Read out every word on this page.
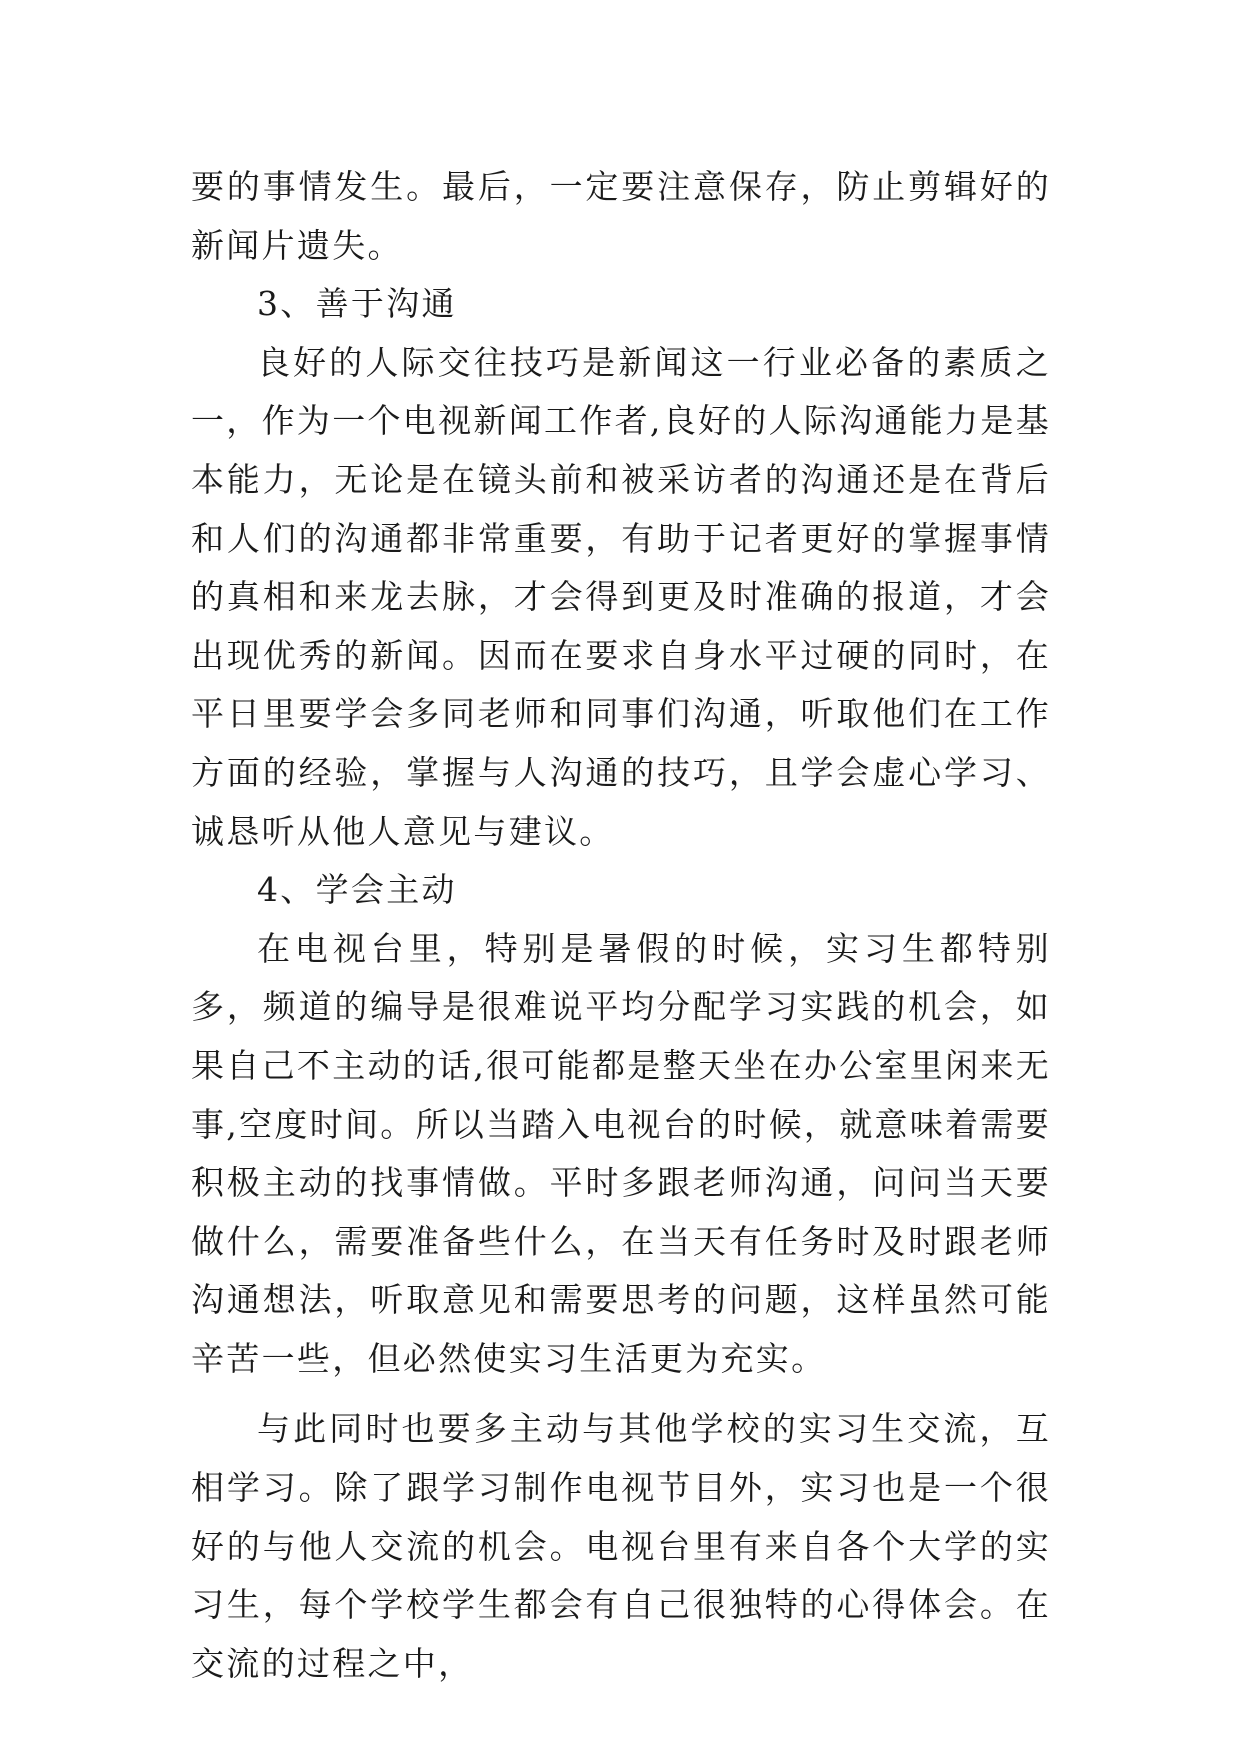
要的事情发生。最后，一定要注意保存，防止剪辑好的新闻片遗失。

3、善于沟通

良好的人际交往技巧是新闻这一行业必备的素质之一，作为一个电视新闻工作者,良好的人际沟通能力是基本能力，无论是在镜头前和被采访者的沟通还是在背后和人们的沟通都非常重要，有助于记者更好的掌握事情的真相和来龙去脉，才会得到更及时准确的报道，才会出现优秀的新闻。因而在要求自身水平过硬的同时，在平日里要学会多同老师和同事们沟通，听取他们在工作方面的经验，掌握与人沟通的技巧，且学会虚心学习、诚恳听从他人意见与建议。

4、学会主动

在电视台里，特别是暑假的时候，实习生都特别多，频道的编导是很难说平均分配学习实践的机会，如果自己不主动的话,很可能都是整天坐在办公室里闲来无事,空度时间。所以当踏入电视台的时候，就意味着需要积极主动的找事情做。平时多跟老师沟通，问问当天要做什么，需要准备些什么，在当天有任务时及时跟老师沟通想法，听取意见和需要思考的问题，这样虽然可能辛苦一些，但必然使实习生活更为充实。

与此同时也要多主动与其他学校的实习生交流，互相学习。除了跟学习制作电视节目外，实习也是一个很好的与他人交流的机会。电视台里有来自各个大学的实习生，每个学校学生都会有自己很独特的心得体会。在交流的过程之中，
